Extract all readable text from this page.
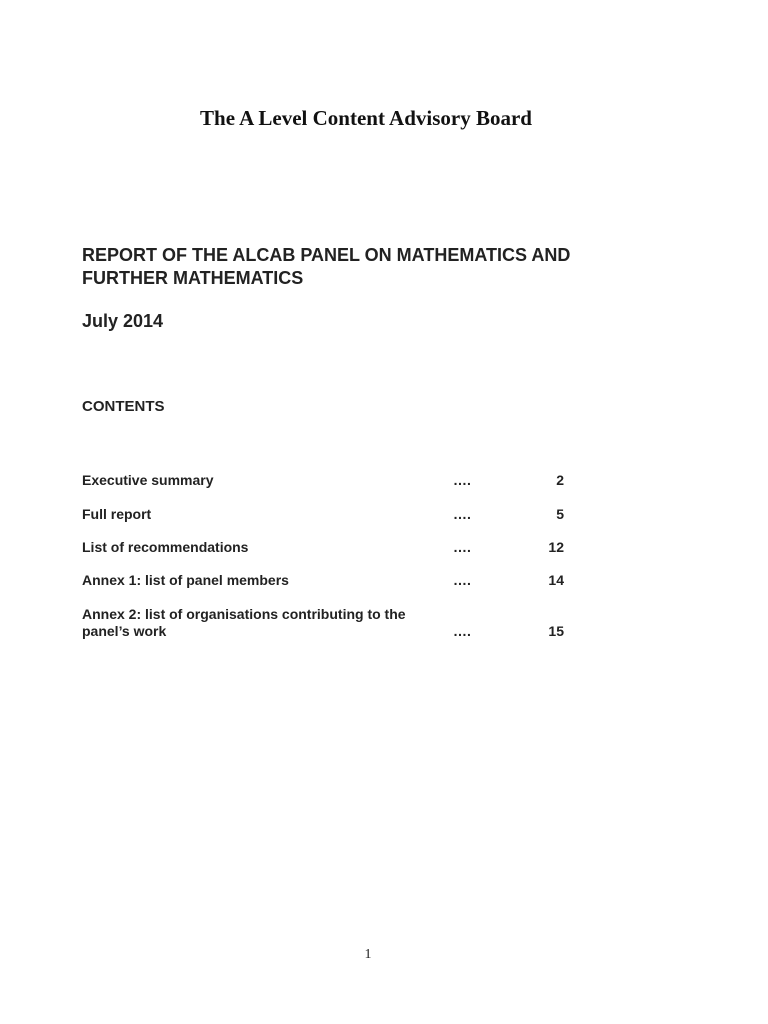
The A Level Content Advisory Board
REPORT OF THE ALCAB PANEL ON MATHEMATICS AND
FURTHER MATHEMATICS
July 2014
CONTENTS
Executive summary	….	2
Full report	….	5
List of recommendations	….	12
Annex 1: list of panel members	….	14
Annex 2: list of organisations contributing to the
panel’s work	….	15
1
